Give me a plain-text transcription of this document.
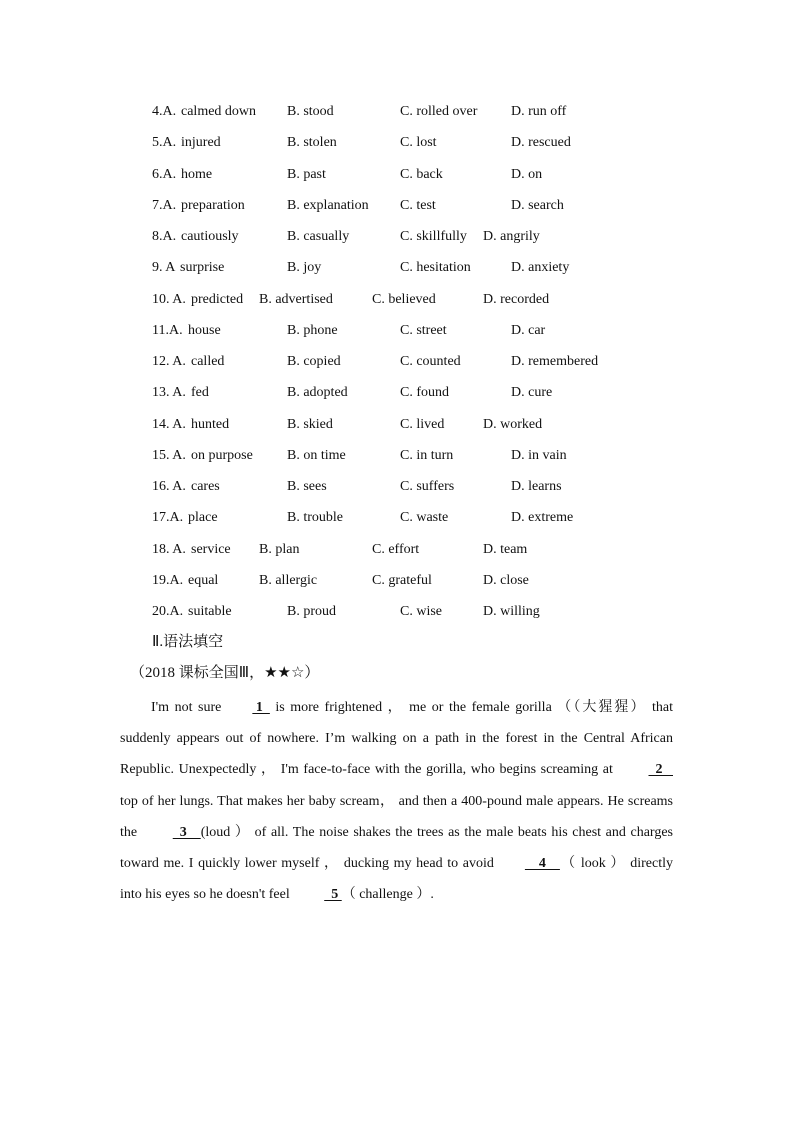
4.A. calmed down B. stood	C. rolled over D. run off
5.A. injured	B. stolen	C. lost	D. rescued
6.A. home	B. past	C. back	D. on
7.A. preparation	B. explanation C. test	D. search
8.A. cautiously	B. casually	C. skillfully D. angrily
9. A surprise	B. joy	C. hesitation	D. anxiety
10. A. predicted B. advertised	C. believed	D. recorded
11.A. house	B. phone	C. street	D. car
12. A. called	B. copied	C. counted	D. remembered
13. A. fed	B. adopted	C. found	D. cure
14. A. hunted	B. skied	C. lived	D. worked
15. A. on purpose B. on time	C. in turn	D. in vain
16. A. cares	B. sees	C. suffers	D. learns
17.A. place	B. trouble	C. waste	D. extreme
18. A. service B. plan	C. effort	D. team
19.A. equal	B. allergic	C. grateful	D. close
20.A. suitable	B. proud	C. wise	D. willing
Ⅱ.语法填空
（2018 课标全国Ⅲ，★★☆）
I'm not sure 1   is more frightened ， me or the female gorilla （（大猩猩） that suddenly appears out of nowhere. I’m walking on a path in the forest in the Central African Republic. Unexpectedly ， I'm face-to-face with the gorilla, who begins screaming at   2    top of her lungs. That makes her baby scream， and then a 400-pound male appears. He screams the   3    (loud ） of all. The noise shakes the trees as the male beats his chest and charges toward me. I quickly lower myself ， ducking my head to avoid    4    （ look ） directly into his eyes so he doesn't feel   5 （ challenge ）.
